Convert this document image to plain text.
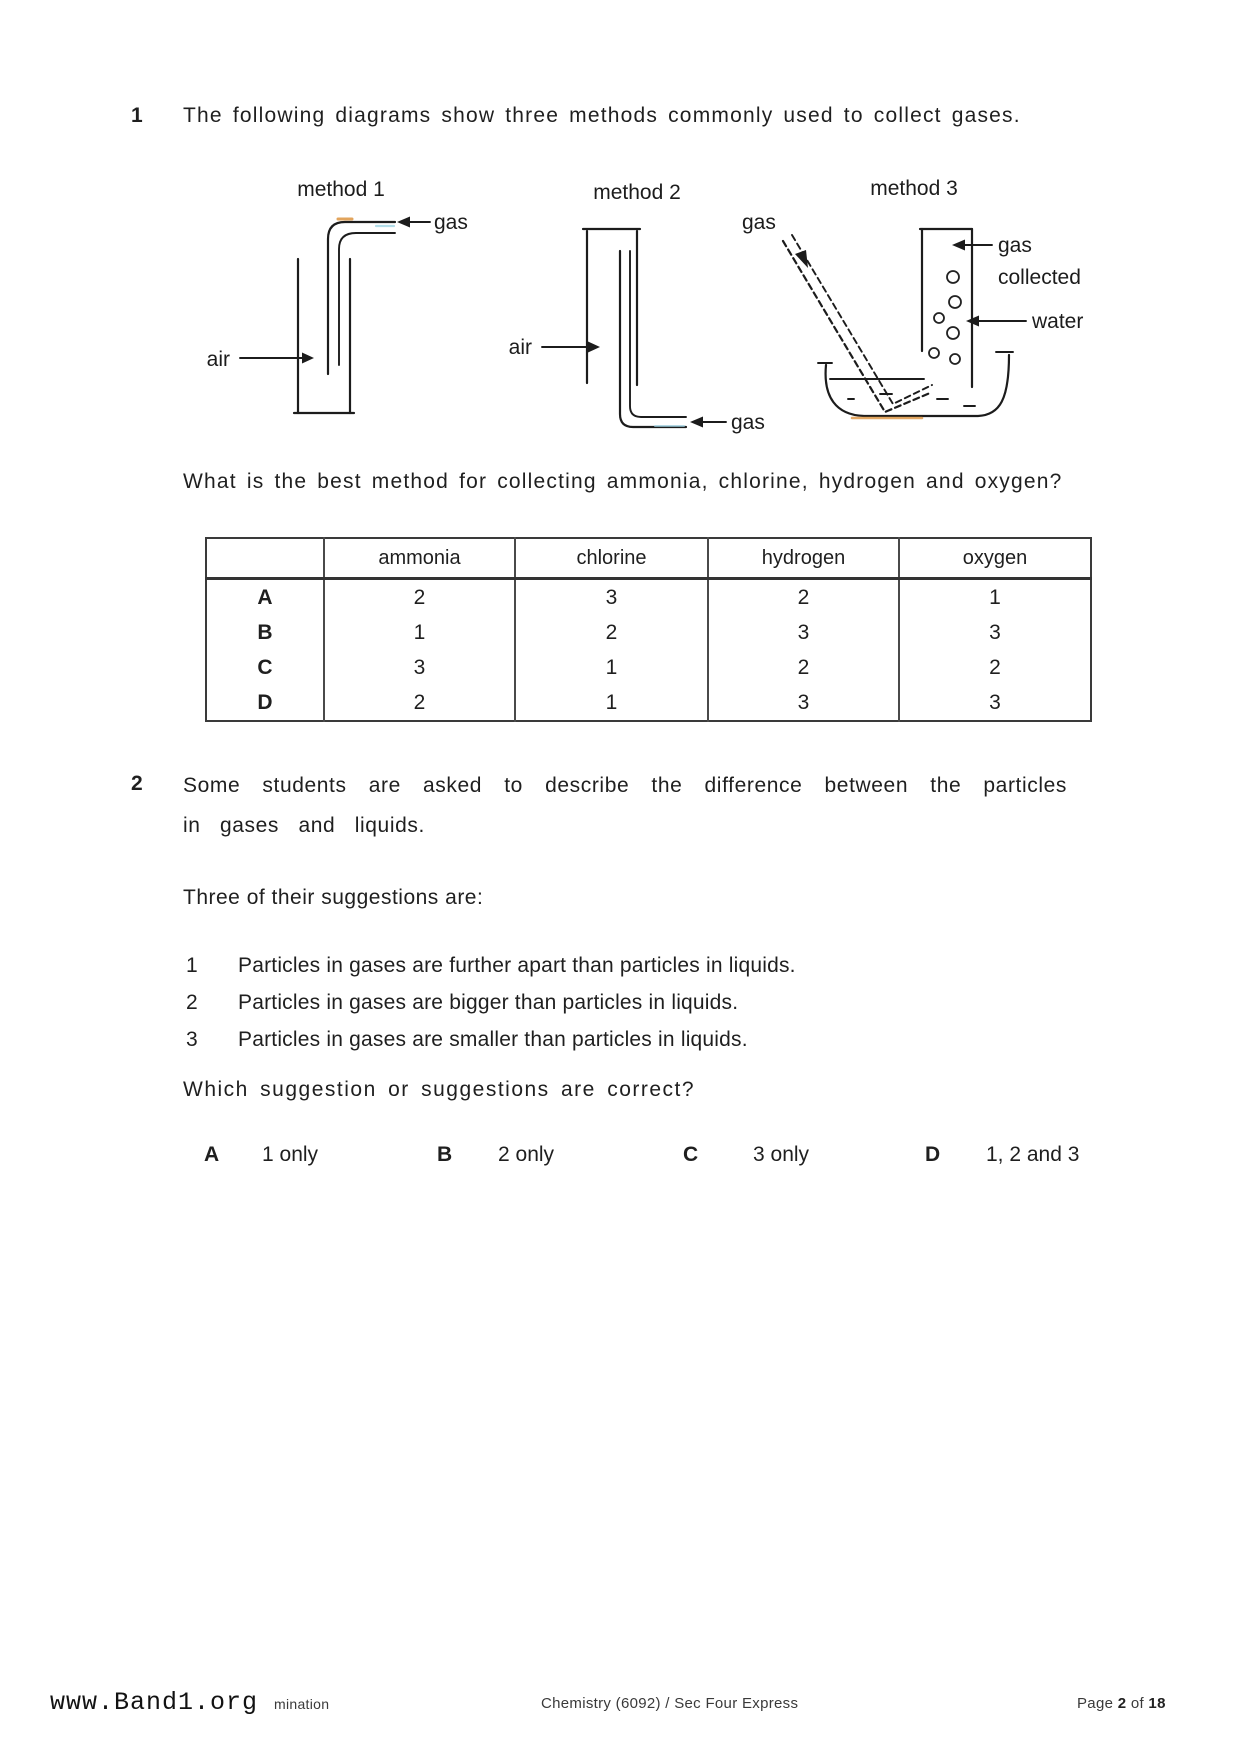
1 The following diagrams show three methods commonly used to collect gases.
method 1
gas
air
method 2
gas
air
method 3
gas
gas
collected
water
What is the best method for collecting ammonia, chlorine, hydrogen and oxygen?
	ammonia	chlorine	hydrogen	oxygen
A	2	3	2	1
B	1	2	3	3
C	3	1	2	2
D	2	1	3	3
2 Some students are asked to describe the difference between the particles in gases and liquids.
Three of their suggestions are:
1 Particles in gases are further apart than particles in liquids.
2 Particles in gases are bigger than particles in liquids.
3 Particles in gases are smaller than particles in liquids.
Which suggestion or suggestions are correct?
A 1 only	B 2 only	C	3 only	D 1, 2 and 3
www.Band1.org mination	Chemistry (6092) / Sec Four Express	Page 2 of 18
